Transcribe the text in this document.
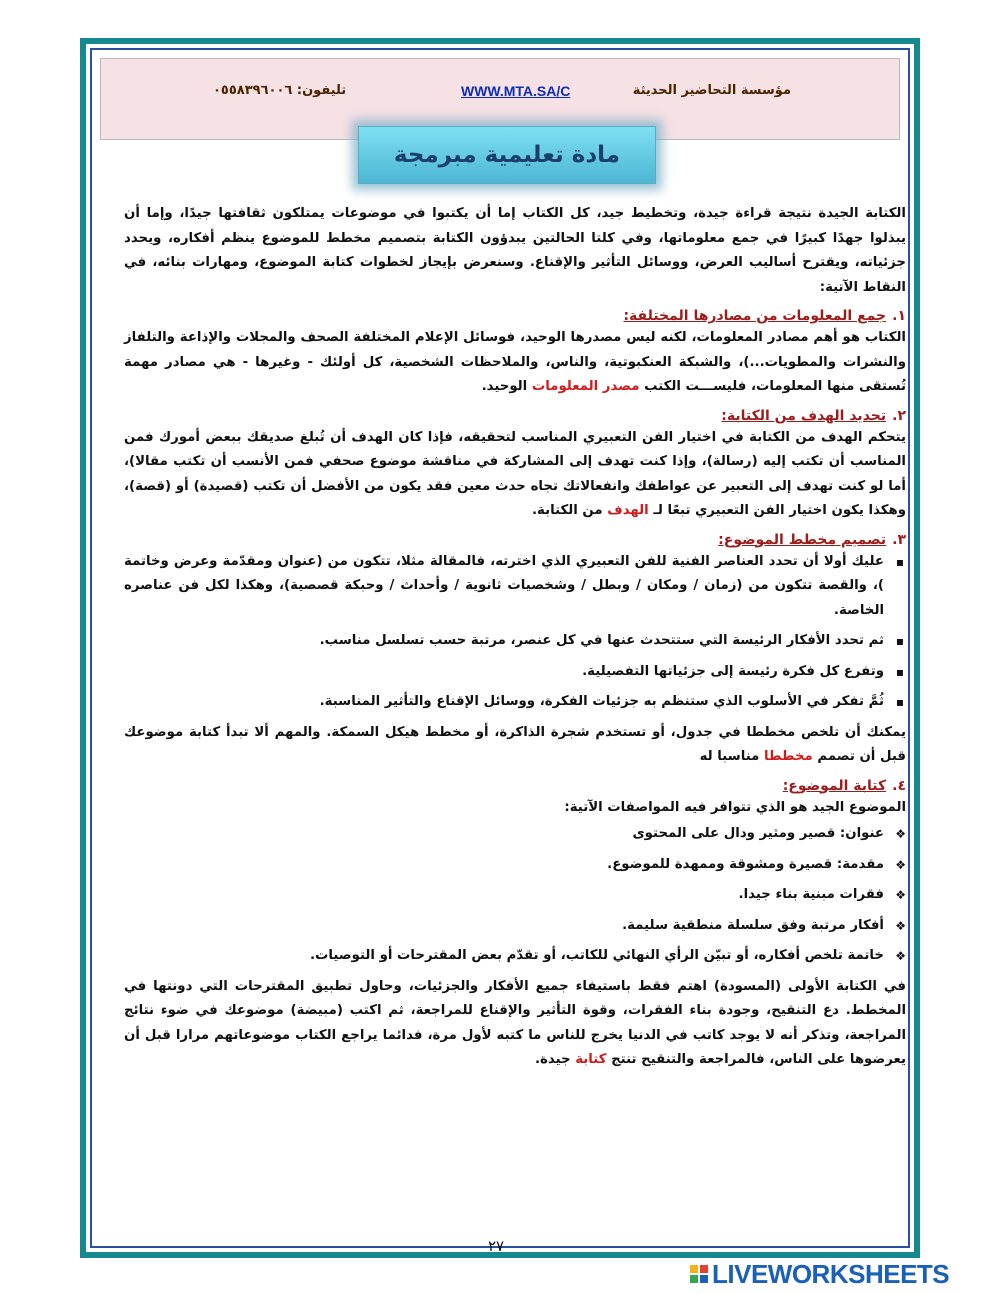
مؤسسة التحاضير الحديثة
WWW.MTA.SA/C
تليفون: ٠٥٥٨٣٩٦٠٠٦
مادة تعليمية مبرمجة

الكتابة الجيدة نتيجة قراءة جيدة، وتخطيط جيد، كل الكتاب إما أن يكتبوا في موضوعات يمتلكون ثقافتها جيدًا، وإما أن يبذلوا جهدًا كبيرًا في جمع معلوماتها، وفي كلتا الحالتين يبدؤون الكتابة بتصميم مخطط للموضوع ينظم أفكاره، ويحدد جزئياته، ويقترح أساليب العرض، ووسائل التأثير والإقناع. وسنعرض بإيجاز لخطوات كتابة الموضوع، ومهارات بنائه، في النقاط الآتية:

١.جمع المعلومات من مصادرها المختلفة:

الكتاب هو أهم مصادر المعلومات، لكنه ليس مصدرها الوحيد، فوسائل الإعلام المختلفة الصحف والمجلات والإذاعة والتلفاز والنشرات والمطويات...)، والشبكة العنكبوتية، والناس، والملاحظات الشخصية، كل أولئك - وغيرها - هي مصادر مهمة تُستقى منها المعلومات، فليســـت الكتب مصدر المعلومات الوحيد.

٢.تحديد الهدف من الكتابة:

يتحكم الهدف من الكتابة في اختيار الفن التعبيري المناسب لتحقيقه، فإذا كان الهدف أن تُبلغ صديقك ببعض أمورك فمن المناسب أن تكتب إليه (رسالة)، وإذا كنت تهدف إلى المشاركة في مناقشة موضوع صحفي فمن الأنسب أن تكتب مقالا)، أما لو كنت تهدف إلى التعبير عن عواطفك وانفعالاتك تجاه حدث معين فقد يكون من الأفضل أن تكتب (قصيدة) أو (قصة)، وهكذا يكون اختيار الفن التعبيري تبعًا لـ الهدف من الكتابة.

٣.تصميم مخطط الموضوع:
▪ عليك أولا أن تحدد العناصر الفنية للفن التعبيري الذي اخترته، فالمقالة مثلا، تتكون من (عنوان ومقدّمة وعرض وخاتمة )، والقصة تتكون من (زمان / ومكان / وبطل / وشخصيات ثانوية / وأحداث / وحبكة قصصية)، وهكذا لكل فن عناصره الخاصة.
▪ ثم تحدد الأفكار الرئيسة التي ستتحدث عنها في كل عنصر، مرتبة حسب تسلسل مناسب.
▪ وتفرع كل فكرة رئيسة إلى جزئياتها التفصيلية.
▪ ثُمَّ تفكر في الأسلوب الذي ستنظم به جزئيات الفكرة، ووسائل الإقناع والتأثير المناسبة.

يمكنك أن تلخص مخططا في جدول، أو تستخدم شجرة الذاكرة، أو مخطط هيكل السمكة. والمهم ألا تبدأ كتابة موضوعك قبل أن تصمم مخططا مناسبا له

٤.كتابة الموضوع:

الموضوع الجيد هو الذي تتوافر فيه المواصفات الآتية:

❖ عنوان: قصير ومثير ودال على المحتوى
❖ مقدمة: قصيرة ومشوقة وممهدة للموضوع.
❖ فقرات مبنية بناء جيدا.
❖ أفكار مرتبة وفق سلسلة منطقية سليمة.
❖ خاتمة تلخص أفكاره، أو تبيّن الرأي النهائي للكاتب، أو تقدّم بعض المقترحات أو التوصيات.

في الكتابة الأولى (المسودة) اهتم فقط باستيفاء جميع الأفكار والجزئيات، وحاول تطبيق المقترحات التي دونتها في المخطط. دع التنقيح، وجودة بناء الفقرات، وقوة التأثير والإقناع للمراجعة، ثم اكتب (مبيضة) موضوعك في ضوء نتائج المراجعة، وتذكر أنه لا يوجد كاتب في الدنيا يخرج للناس ما كتبه لأول مرة، فدائما يراجع الكتاب موضوعاتهم مرارا قبل أن يعرضوها على الناس، فالمراجعة والتنقيح تنتج كتابة جيدة.

٢٧
LIVEWORKSHEETS
